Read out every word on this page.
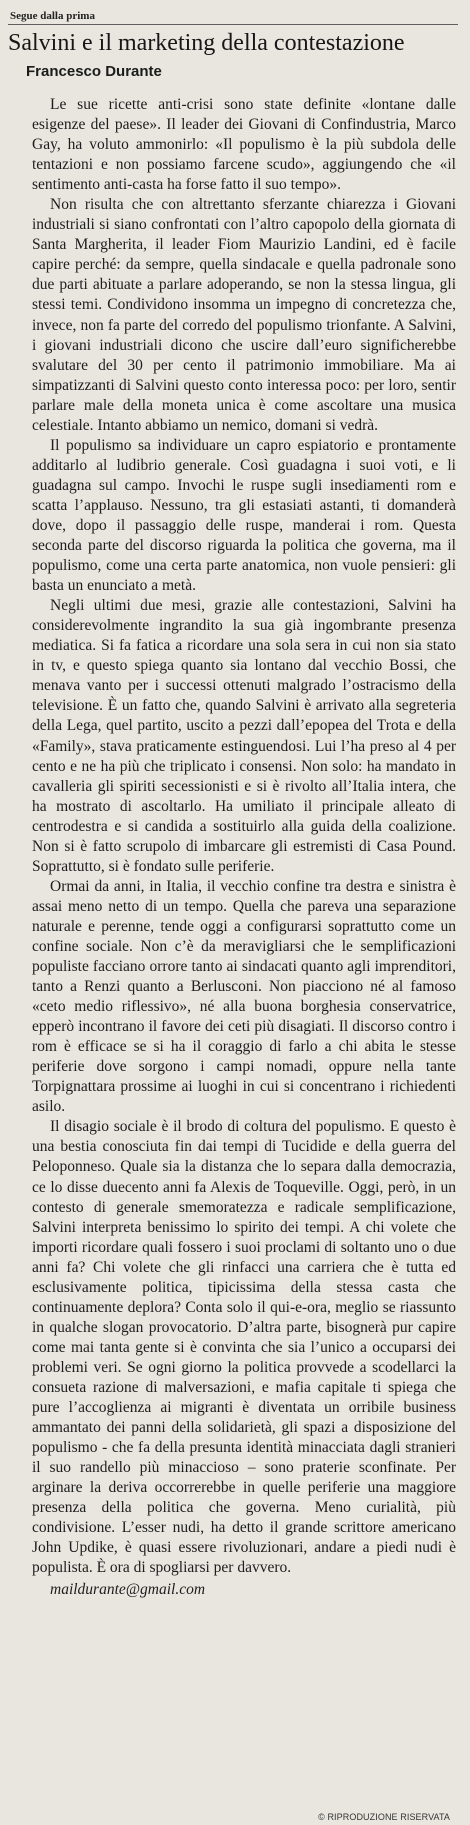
Segue dalla prima
Salvini e il marketing della contestazione
Francesco Durante

Le sue ricette anti-crisi sono state definite «lontane dalle esigenze del paese». Il leader dei Giovani di Confindustria, Marco Gay, ha voluto ammonirlo: «Il populismo è la più subdola delle tentazioni e non possiamo farcene scudo», aggiungendo che «il sentimento anti-casta ha forse fatto il suo tempo».

Non risulta che con altrettanto sferzante chiarezza i Giovani industriali si siano confrontati con l’altro capopolo della giornata di Santa Margherita, il leader Fiom Maurizio Landini, ed è facile capire perché: da sempre, quella sindacale e quella padronale sono due parti abituate a parlare adoperando, se non la stessa lingua, gli stessi temi. Condividono insomma un impegno di concretezza che, invece, non fa parte del corredo del populismo trionfante. A Salvini, i giovani industriali dicono che uscire dall’euro significherebbe svalutare del 30 per cento il patrimonio immobiliare. Ma ai simpatizzanti di Salvini questo conto interessa poco: per loro, sentir parlare male della moneta unica è come ascoltare una musica celestiale. Intanto abbiamo un nemico, domani si vedrà.

Il populismo sa individuare un capro espiatorio e prontamente additarlo al ludibrio generale. Così guadagna i suoi voti, e li guadagna sul campo. Invochi le ruspe sugli insediamenti rom e scatta l’applauso. Nessuno, tra gli estasiati astanti, ti domanderà dove, dopo il passaggio delle ruspe, manderai i rom. Questa seconda parte del discorso riguarda la politica che governa, ma il populismo, come una certa parte anatomica, non vuole pensieri: gli basta un enunciato a metà.

Negli ultimi due mesi, grazie alle contestazioni, Salvini ha considerevolmente ingrandito la sua già ingombrante presenza mediatica. Si fa fatica a ricordare una sola sera in cui non sia stato in tv, e questo spiega quanto sia lontano dal vecchio Bossi, che menava vanto per i successi ottenuti malgrado l’ostracismo della televisione. È un fatto che, quando Salvini è arrivato alla segreteria della Lega, quel partito, uscito a pezzi dall’epopea del Trota e della «Family», stava praticamente estinguendosi. Lui l’ha preso al 4 per cento e ne ha più che triplicato i consensi. Non solo: ha mandato in cavalleria gli spiriti secessionisti e si è rivolto all’Italia intera, che ha mostrato di ascoltarlo. Ha umiliato il principale alleato di centrodestra e si candida a sostituirlo alla guida della coalizione. Non si è fatto scrupolo di imbarcare gli estremisti di Casa Pound. Soprattutto, si è fondato sulle periferie.

Ormai da anni, in Italia, il vecchio confine tra destra e sinistra è assai meno netto di un tempo. Quella che pareva una separazione naturale e perenne, tende oggi a configurarsi soprattutto come un confine sociale. Non c’è da meravigliarsi che le semplificazioni populiste facciano orrore tanto ai sindacati quanto agli imprenditori, tanto a Renzi quanto a Berlusconi. Non piacciono né al famoso «ceto medio riflessivo», né alla buona borghesia conservatrice, epperò incontrano il favore dei ceti più disagiati. Il discorso contro i rom è efficace se si ha il coraggio di farlo a chi abita le stesse periferie dove sorgono i campi nomadi, oppure nella tante Torpignattara prossime ai luoghi in cui si concentrano i richiedenti asilo.

Il disagio sociale è il brodo di coltura del populismo. E questo è una bestia conosciuta fin dai tempi di Tucidide e della guerra del Peloponneso. Quale sia la distanza che lo separa dalla democrazia, ce lo disse duecento anni fa Alexis de Toqueville. Oggi, però, in un contesto di generale smemoratezza e radicale semplificazione, Salvini interpreta benissimo lo spirito dei tempi. A chi volete che importi ricordare quali fossero i suoi proclami di soltanto uno o due anni fa? Chi volete che gli rinfacci una carriera che è tutta ed esclusivamente politica, tipicissima della stessa casta che continuamente deplora? Conta solo il qui-e-ora, meglio se riassunto in qualche slogan provocatorio. D’altra parte, bisognerà pur capire come mai tanta gente si è convinta che sia l’unico a occuparsi dei problemi veri. Se ogni giorno la politica provvede a scodellarci la consueta razione di malversazioni, e mafia capitale ti spiega che pure l’accoglienza ai migranti è diventata un orribile business ammantato dei panni della solidarietà, gli spazi a disposizione del populismo - che fa della presunta identità minacciata dagli stranieri il suo randello più minaccioso – sono praterie sconfinate. Per arginare la deriva occorrerebbe in quelle periferie una maggiore presenza della politica che governa. Meno curialità, più condivisione. L’esser nudi, ha detto il grande scrittore americano John Updike, è quasi essere rivoluzionari, andare a piedi nudi è populista. È ora di spogliarsi per davvero.

maildurante@gmail.com
© RIPRODUZIONE RISERVATA
